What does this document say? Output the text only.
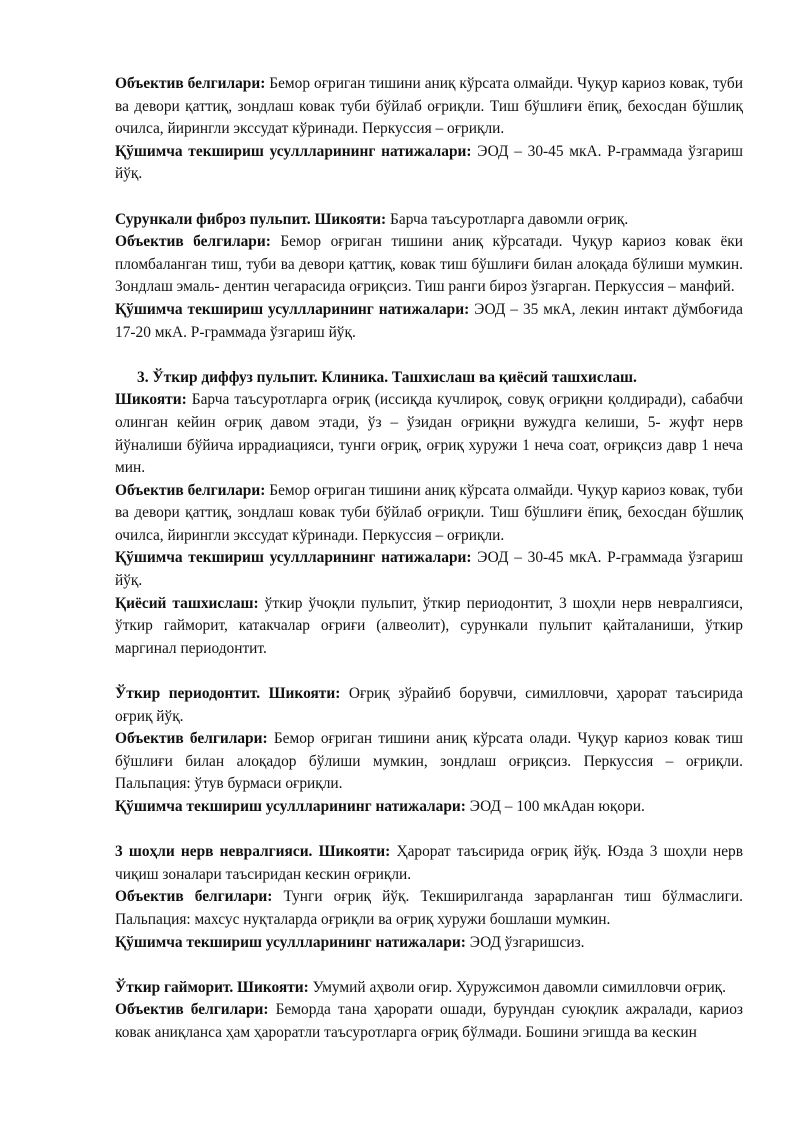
Объектив белгилари: Бемор оғриган тишини аниқ кўрсата олмайди. Чуқур кариоз ковак, туби ва девори қаттиқ, зондлаш ковак туби бўйлаб оғриқли. Тиш бўшлиғи ёпиқ, бехосдан бўшлиқ очилса, йирингли экссудат кўринади. Перкуссия – оғриқли.

Қўшимча текшириш усуллларининг натижалари: ЭОД – 30-45 мкА. Р-граммада ўзгариш йўқ.

Сурункали фиброз пульпит. Шикояти: Барча таъсуротларга давомли оғриқ.

Объектив белгилари: Бемор оғриган тишини аниқ кўрсатади. Чуқур кариоз ковак ёки пломбаланган тиш, туби ва девори қаттиқ, ковак тиш бўшлиғи билан алоқада бўлиши мумкин. Зондлаш эмаль- дентин чегарасида оғриқсиз. Тиш ранги бироз ўзгарган. Перкуссия – манфий.

Қўшимча текшириш усуллларининг натижалари: ЭОД – 35 мкА, лекин интакт дўмбоғида 17-20 мкА. Р-граммада ўзгариш йўқ.

3. Ўткир диффуз пульпит. Клиника. Ташхислаш ва қиёсий ташхислаш.

Шикояти: Барча таъсуротларга оғриқ (иссиқда кучлироқ, совуқ оғриқни қолдиради), сабабчи олинган кейин оғриқ давом этади, ўз – ўзидан оғриқни вужудга келиши, 5- жуфт нерв йўналиши бўйича иррадиацияси, тунги оғриқ, оғриқ хуружи 1 неча соат, оғриқсиз давр 1 неча мин.

Объектив белгилари: Бемор оғриган тишини аниқ кўрсата олмайди. Чуқур кариоз ковак, туби ва девори қаттиқ, зондлаш ковак туби бўйлаб оғриқли. Тиш бўшлиғи ёпиқ, бехосдан бўшлиқ очилса, йирингли экссудат кўринади. Перкуссия – оғриқли.

Қўшимча текшириш усуллларининг натижалари: ЭОД – 30-45 мкА. Р-граммада ўзгариш йўқ.

Қиёсий ташхислаш: ўткир ўчоқли пульпит, ўткир периодонтит, 3 шоҳли нерв невралгияси, ўткир гайморит, катакчалар оғриғи (алвеолит), сурункали пульпит қайталаниши, ўткир маргинал периодонтит.

Ўткир периодонтит. Шикояти: Оғриқ зўрайиб борувчи, симилловчи, ҳарорат таъсирида оғриқ йўқ.

Объектив белгилари: Бемор оғриган тишини аниқ кўрсата олади. Чуқур кариоз ковак тиш бўшлиғи билан алоқадор бўлиши мумкин, зондлаш оғриқсиз. Перкуссия – оғриқли. Пальпация: ўтув бурмаси оғриқли.

Қўшимча текшириш усуллларининг натижалари: ЭОД – 100 мкАдан юқори.

3 шоҳли нерв невралгияси. Шикояти: Ҳарорат таъсирида оғриқ йўқ. Юзда 3 шоҳли нерв чиқиш зоналари таъсиридан кескин оғриқли.

Объектив белгилари: Тунги оғриқ йўқ. Текширилганда зарарланган тиш бўлмаслиги. Пальпация: махсус нуқталарда оғриқли ва оғриқ хуружи бошлаши мумкин.

Қўшимча текшириш усуллларининг натижалари: ЭОД ўзгаришсиз.

Ўткир гайморит. Шикояти: Умумий аҳволи оғир. Хуружсимон давомли симилловчи оғриқ.

Объектив белгилари: Беморда тана ҳарорати ошади, бурундан суюқлик ажралади, кариоз ковак аниқланса ҳам ҳароратли таъсуротларга оғриқ бўлмади. Бошини эгишда ва кескин
